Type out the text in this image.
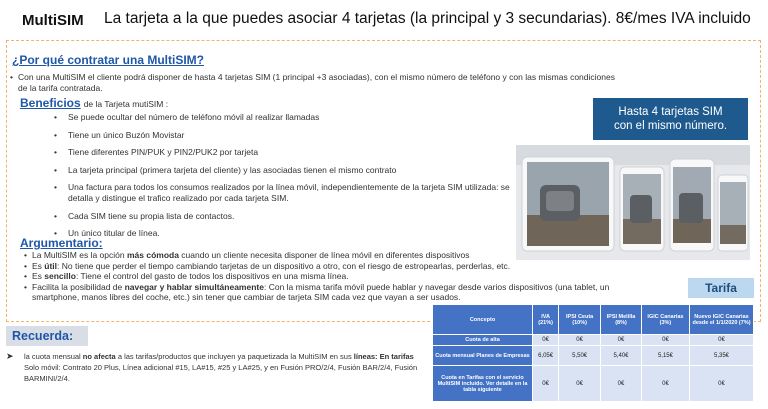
MultiSIM La tarjeta a la que puedes asociar 4 tarjetas (la principal y 3 secundarias). 8€/mes IVA incluido
¿Por qué contratar una MultiSIM?
• Con una MultiSIM el cliente podrá disponer de hasta 4 tarjetas SIM (1 principal +3 asociadas), con el mismo número de teléfono y con las mismas condiciones de la tarifa contratada.
Beneficios de la Tarjeta mutiSIM :
• Se puede ocultar del número de teléfono móvil al realizar llamadas
• Tiene un único Buzón Movistar
• Tiene diferentes PIN/PUK y PIN2/PUK2 por tarjeta
• La tarjeta principal (primera tarjeta del cliente) y las asociadas tienen el mismo contrato
• Una factura para todos los consumos realizados por la línea móvil, independientemente de la tarjeta SIM utilizada: se detalla y distingue el trafico realizado por cada tarjeta SIM.
• Cada SIM tiene su propia lista de contactos.
• Un único titular de línea.
Hasta 4 tarjetas SIM
con el mismo número.
Argumentario:
• La MultiSIM es la opción más cómoda cuando un cliente necesita disponer de línea móvil en diferentes dispositivos
• Es útil: No tiene que perder el tiempo cambiando tarjetas de un dispositivo a otro, con el riesgo de estropearlas, perderlas, etc.
• Es sencillo: Tiene el control del gasto de todos los dispositivos en una misma línea.
• Facilita la posibilidad de navegar y hablar simultáneamente: Con la misma tarifa móvil puede hablar y navegar desde varios dispositivos (una tablet, un smartphone, manos libres del coche, etc.) sin tener que cambiar de tarjeta SIM cada vez que vayan a ser usados.
Tarifa
Recuerda:
➤ la cuota mensual no afecta a las tarifas/productos que incluyen ya paquetizada la MultiSIM en sus líneas: En tarifas Solo móvil: Contrato 20 Plus, Línea adicional #15, LA#15, #25 y LA#25, y en Fusión PRO/2/4, Fusión BAR/2/4, Fusión BARMINI/2/4.
Concepto	IVA (21%)	IPSI Ceuta (10%)	IPSI Melilla (8%)	IGIC Canarias (3%)	Nuevo IGIC Canarias desde el 1/1/2020 (7%)
Cuota de alta	0€	0€	0€	0€	0€
Cuota mensual Planes de Empresas	6,05€	5,50€	5,40€	5,15€	5,35€
Cuota en Tarifas con el servicio MultiSIM incluido. Ver detalle en la tabla siguiente	0€	0€	0€	0€	0€
